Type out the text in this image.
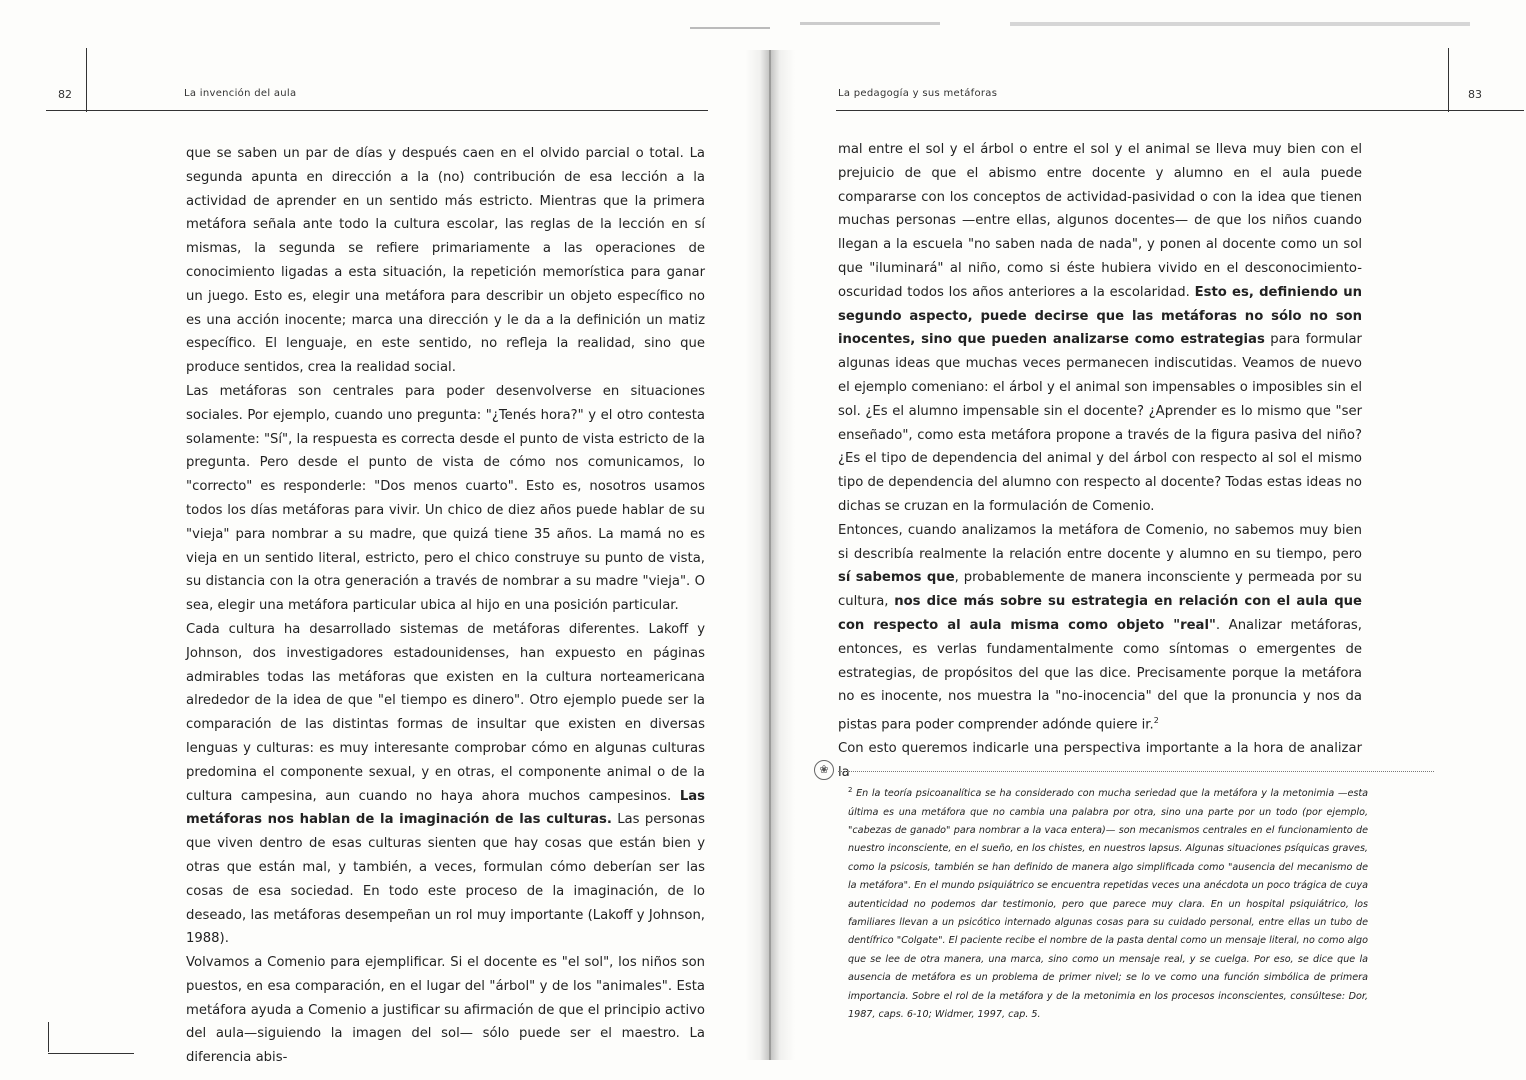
82	La invención del aula

que se saben un par de días y después caen en el olvido parcial o total. La segunda apunta en dirección a la (no) contribución de esa lección a la actividad de aprender en un sentido más estricto. Mientras que la primera metáfora señala ante todo la cultura escolar, las reglas de la lección en sí mismas, la segunda se refiere primariamente a las operaciones de conocimiento ligadas a esta situación, la repetición memorística para ganar un juego. Esto es, elegir una metáfora para describir un objeto específico no es una acción inocente; marca una dirección y le da a la definición un matiz específico. El lenguaje, en este sentido, no refleja la realidad, sino que produce sentidos, crea la realidad social.

Las metáforas son centrales para poder desenvolverse en situaciones sociales. Por ejemplo, cuando uno pregunta: "¿Tenés hora?" y el otro contesta solamente: "Sí", la respuesta es correcta desde el punto de vista estricto de la pregunta. Pero desde el punto de vista de cómo nos comunicamos, lo "correcto" es responderle: "Dos menos cuarto". Esto es, nosotros usamos todos los días metáforas para vivir. Un chico de diez años puede hablar de su "vieja" para nombrar a su madre, que quizá tiene 35 años. La mamá no es vieja en un sentido literal, estricto, pero el chico construye su punto de vista, su distancia con la otra generación a través de nombrar a su madre "vieja". O sea, elegir una metáfora particular ubica al hijo en una posición particular.

Cada cultura ha desarrollado sistemas de metáforas diferentes. Lakoff y Johnson, dos investigadores estadounidenses, han expuesto en páginas admirables todas las metáforas que existen en la cultura norteamericana alrededor de la idea de que "el tiempo es dinero". Otro ejemplo puede ser la comparación de las distintas formas de insultar que existen en diversas lenguas y culturas: es muy interesante comprobar cómo en algunas culturas predomina el componente sexual, y en otras, el componente animal o de la cultura campesina, aun cuando no haya ahora muchos campesinos. Las metáforas nos hablan de la imaginación de las culturas. Las personas que viven dentro de esas culturas sienten que hay cosas que están bien y otras que están mal, y también, a veces, formulan cómo deberían ser las cosas de esa sociedad. En todo este proceso de la imaginación, de lo deseado, las metáforas desempeñan un rol muy importante (Lakoff y Johnson, 1988).

Volvamos a Comenio para ejemplificar. Si el docente es "el sol", los niños son puestos, en esa comparación, en el lugar del "árbol" y de los "animales". Esta metáfora ayuda a Comenio a justificar su afirmación de que el principio activo del aula—siguiendo la imagen del sol— sólo puede ser el maestro. La diferencia abis-

La pedagogía y sus metáforas	83

mal entre el sol y el árbol o entre el sol y el animal se lleva muy bien con el prejuicio de que el abismo entre docente y alumno en el aula puede compararse con los conceptos de actividad-pasividad o con la idea que tienen muchas personas —entre ellas, algunos docentes— de que los niños cuando llegan a la escuela "no saben nada de nada", y ponen al docente como un sol que "iluminará" al niño, como si éste hubiera vivido en el desconocimiento-oscuridad todos los años anteriores a la escolaridad. Esto es, definiendo un segundo aspecto, puede decirse que las metáforas no sólo no son inocentes, sino que pueden analizarse como estrategias para formular algunas ideas que muchas veces permanecen indiscutidas. Veamos de nuevo el ejemplo comeniano: el árbol y el animal son impensables o imposibles sin el sol. ¿Es el alumno impensable sin el docente? ¿Aprender es lo mismo que "ser enseñado", como esta metáfora propone a través de la figura pasiva del niño? ¿Es el tipo de dependencia del animal y del árbol con respecto al sol el mismo tipo de dependencia del alumno con respecto al docente? Todas estas ideas no dichas se cruzan en la formulación de Comenio.

Entonces, cuando analizamos la metáfora de Comenio, no sabemos muy bien si describía realmente la relación entre docente y alumno en su tiempo, pero sí sabemos que, probablemente de manera inconsciente y permeada por su cultura, nos dice más sobre su estrategia en relación con el aula que con respecto al aula misma como objeto "real". Analizar metáforas, entonces, es verlas fundamentalmente como síntomas o emergentes de estrategias, de propósitos del que las dice. Precisamente porque la metáfora no es inocente, nos muestra la "no-inocencia" del que la pronuncia y nos da pistas para poder comprender adónde quiere ir.$^2$

Con esto queremos indicarle una perspectiva importante a la hora de analizar la

❀
$^2$ En la teoría psicoanalítica se ha considerado con mucha seriedad que la metáfora y la metonimia —esta última es una metáfora que no cambia una palabra por otra, sino una parte por un todo (por ejemplo, "cabezas de ganado" para nombrar a la vaca entera)— son mecanismos centrales en el funcionamiento de nuestro inconsciente, en el sueño, en los chistes, en nuestros lapsus. Algunas situaciones psíquicas graves, como la psicosis, también se han definido de manera algo simplificada como "ausencia del mecanismo de la metáfora". En el mundo psiquiátrico se encuentra repetidas veces una anécdota un poco trágica de cuya autenticidad no podemos dar testimonio, pero que parece muy clara. En un hospital psiquiátrico, los familiares llevan a un psicótico internado algunas cosas para su cuidado personal, entre ellas un tubo de dentífrico "Colgate". El paciente recibe el nombre de la pasta dental como un mensaje literal, no como algo que se lee de otra manera, una marca, sino como un mensaje real, y se cuelga. Por eso, se dice que la ausencia de metáfora es un problema de primer nivel; se lo ve como una función simbólica de primera importancia. Sobre el rol de la metáfora y de la metonimia en los procesos inconscientes, consúltese: Dor, 1987, caps. 6-10; Widmer, 1997, cap. 5.
